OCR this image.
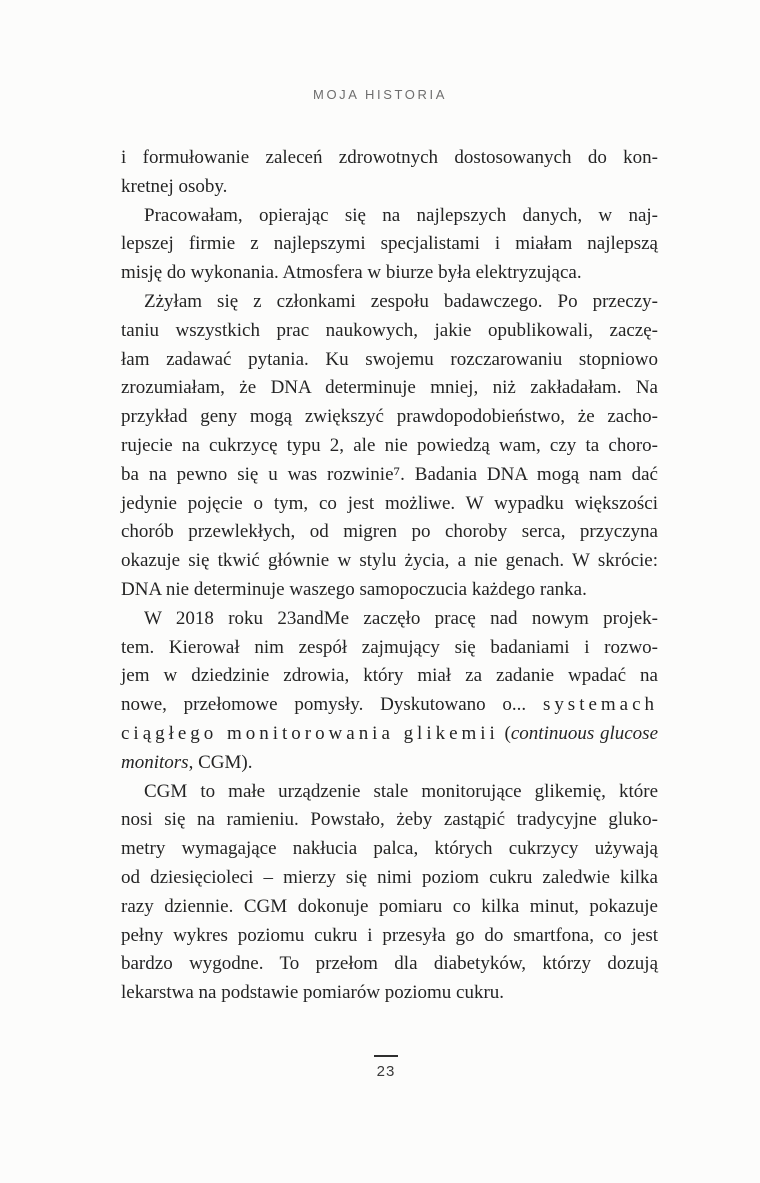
MOJA HISTORIA
i formułowanie zaleceń zdrowotnych dostosowanych do kon-
kretnej osoby.
Pracowałam, opierając się na najlepszych danych, w naj-
lepszej firmie z najlepszymi specjalistami i miałam najlepszą
misję do wykonania. Atmosfera w biurze była elektryzująca.
Zżyłam się z członkami zespołu badawczego. Po przeczy-
taniu wszystkich prac naukowych, jakie opublikowali, zaczę-
łam zadawać pytania. Ku swojemu rozczarowaniu stopniowo
zrozumiałam, że DNA determinuje mniej, niż zakładałam. Na
przykład geny mogą zwiększyć prawdopodobieństwo, że zacho-
rujecie na cukrzycę typu 2, ale nie powiedzą wam, czy ta choro-
ba na pewno się u was rozwinie⁷. Badania DNA mogą nam dać
jedynie pojęcie o tym, co jest możliwe. W wypadku większości
chorób przewlekłych, od migren po choroby serca, przyczyna
okazuje się tkwić głównie w stylu życia, a nie genach. W skrócie:
DNA nie determinuje waszego samopoczucia każdego ranka.
W 2018 roku 23andMe zaczęło pracę nad nowym projek-
tem. Kierował nim zespół zajmujący się badaniami i rozwo-
jem w dziedzinie zdrowia, który miał za zadanie wpadać na
nowe, przełomowe pomysły. Dyskutowano o... systemach
ciągłego monitorowania glikemii (continuous glucose
monitors, CGM).
CGM to małe urządzenie stale monitorujące glikemię, które
nosi się na ramieniu. Powstało, żeby zastąpić tradycyjne gluko-
metry wymagające nakłucia palca, których cukrzycy używają
od dziesięcioleci – mierzy się nimi poziom cukru zaledwie kilka
razy dziennie. CGM dokonuje pomiaru co kilka minut, pokazuje
pełny wykres poziomu cukru i przesyła go do smartfona, co jest
bardzo wygodne. To przełom dla diabetyków, którzy dozują
lekarstwa na podstawie pomiarów poziomu cukru.
23
